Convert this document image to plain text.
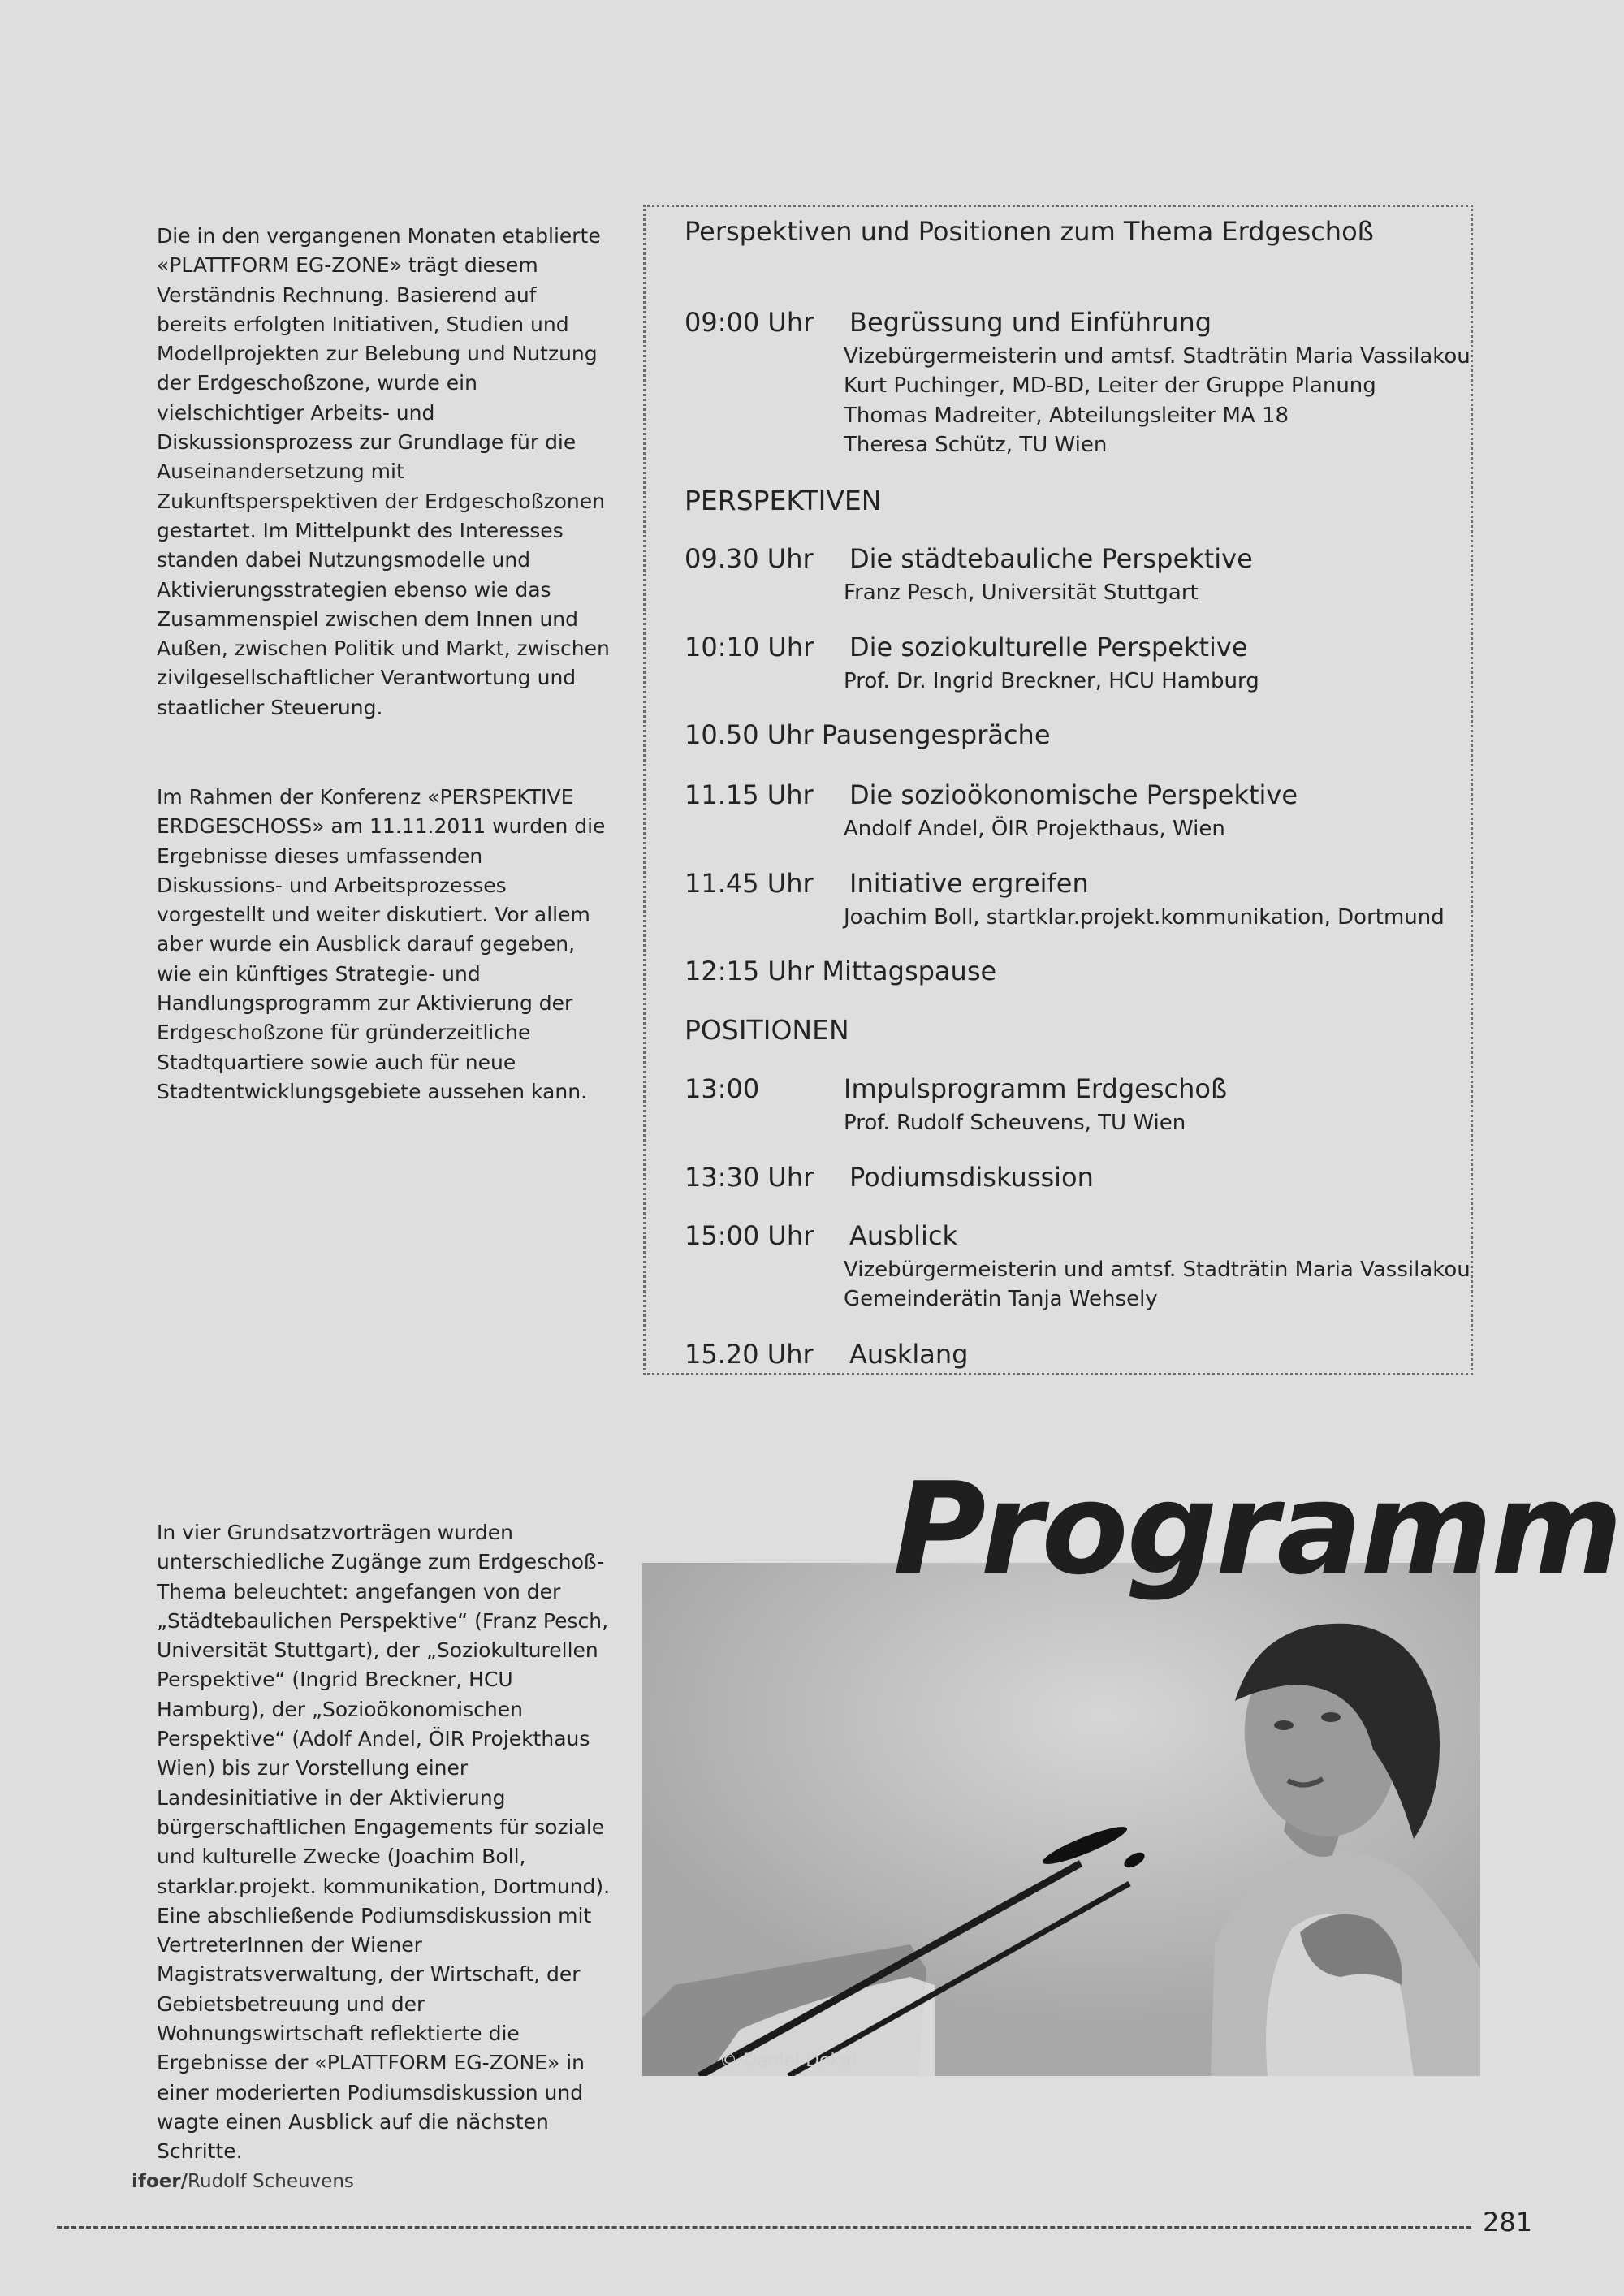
Die in den vergangenen Monaten etablierte «PLATTFORM EG-ZONE» trägt diesem Verständnis Rechnung. Basierend auf bereits erfolgten Initiativen, Studien und Modellprojekten zur Belebung und Nutzung der Erdgeschoßzone, wurde ein vielschichtiger Arbeits- und Diskussionsprozess zur Grundlage für die Auseinandersetzung mit Zukunftsperspektiven der Erdgeschoßzonen gestartet. Im Mittelpunkt des Interesses standen dabei Nutzungsmodelle und Aktivierungsstrategien ebenso wie das Zusammenspiel zwischen dem Innen und Außen, zwischen Politik und Markt, zwischen zivilgesellschaftlicher Verantwortung und staatlicher Steuerung.

Im Rahmen der Konferenz «PERSPEKTIVE ERDGESCHOSS» am 11.11.2011 wurden die Ergebnisse dieses umfassenden Diskussions- und Arbeitsprozesses vorgestellt und weiter diskutiert. Vor allem aber wurde ein Ausblick darauf gegeben, wie ein künftiges Strategie- und Handlungsprogramm zur Aktivierung der Erdgeschoßzone für gründerzeitliche Stadtquartiere sowie auch für neue Stadtentwicklungsgebiete aussehen kann.

In vier Grundsatzvorträgen wurden unterschiedliche Zugänge zum Erdgeschoß-Thema beleuchtet: angefangen von der „Städtebaulichen Perspektive“ (Franz Pesch, Universität Stuttgart), der „Soziokulturellen Perspektive“ (Ingrid Breckner, HCU Hamburg), der „Sozioökonomischen Perspektive“ (Adolf Andel, ÖIR Projekthaus Wien) bis zur Vorstellung einer Landesinitiative in der Aktivierung bürgerschaftlichen Engagements für soziale und kulturelle Zwecke (Joachim Boll, starklar.projekt. kommunikation, Dortmund). Eine abschließende Podiumsdiskussion mit VertreterInnen der Wiener Magistratsverwaltung, der Wirtschaft, der Gebietsbetreuung und der Wohnungswirtschaft reflektierte die Ergebnisse der «PLATTFORM EG-ZONE» in einer moderierten Podiumsdiskussion und wagte einen Ausblick auf die nächsten Schritte.

Perspektiven und Positionen zum Thema Erdgeschoß
09:00 Uhr Begrüssung und Einführung
Vizebürgermeisterin und amtsf. Stadträtin Maria Vassilakou
Kurt Puchinger, MD-BD, Leiter der Gruppe Planung
Thomas Madreiter, Abteilungsleiter MA 18
Theresa Schütz, TU Wien
PERSPEKTIVEN
09.30 Uhr Die städtebauliche Perspektive
Franz Pesch, Universität Stuttgart
10:10 Uhr Die soziokulturelle Perspektive
Prof. Dr. Ingrid Breckner, HCU Hamburg
10.50 Uhr Pausengespräche
11.15 Uhr Die sozioökonomische Perspektive
Andolf Andel, ÖIR Projekthaus, Wien
11.45 Uhr Initiative ergreifen
Joachim Boll, startklar.projekt.kommunikation, Dortmund
12:15 Uhr Mittagspause
POSITIONEN
13:00	Impulsprogramm Erdgeschoß
Prof. Rudolf Scheuvens, TU Wien
13:30 Uhr Podiumsdiskussion
15:00 Uhr Ausblick
Vizebürgermeisterin und amtsf. Stadträtin Maria Vassilakou
Gemeinderätin Tanja Wehsely
15.20 Uhr Ausklang
Programm
© Daniel Dokal
ifoer/Rudolf Scheuvens
281
